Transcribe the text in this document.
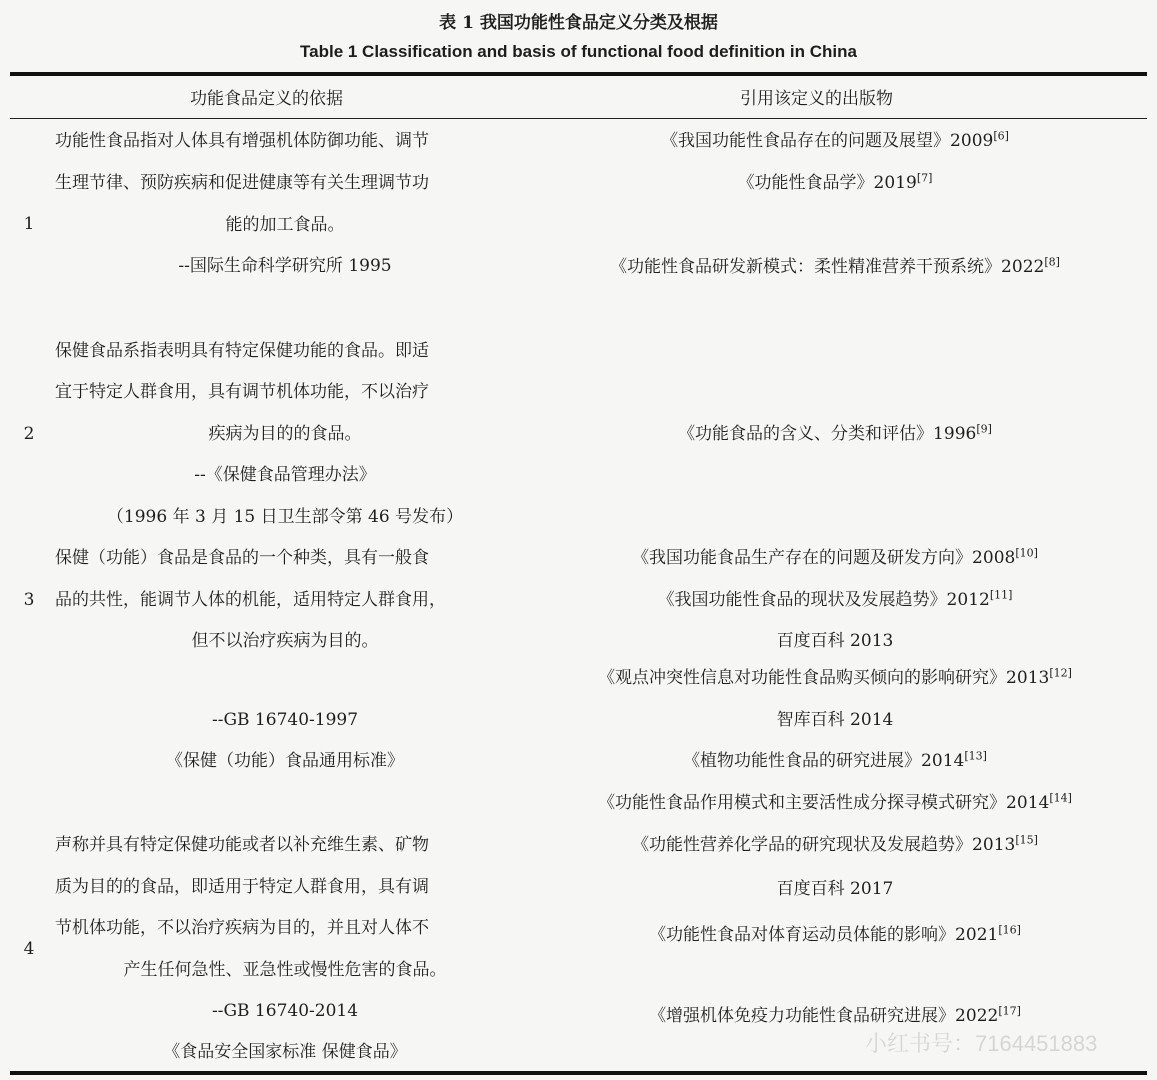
表 1 我国功能性食品定义分类及根据
Table 1 Classification and basis of functional food definition in China
功能食品定义的依据	引用该定义的出版物
1
功能性食品指对人体具有增强机体防御功能、调节
生理节律、预防疾病和促进健康等有关生理调节功
能的加工食品。
--国际生命科学研究所 1995
《我国功能性食品存在的问题及展望》2009[6]
《功能性食品学》2019[7]
《功能性食品研发新模式：柔性精准营养干预系统》2022[8]
2
保健食品系指表明具有特定保健功能的食品。即适
宜于特定人群食用，具有调节机体功能，不以治疗
疾病为目的的食品。
--《保健食品管理办法》
（1996 年 3 月 15 日卫生部令第 46 号发布）
《功能食品的含义、分类和评估》1996[9]
3
保健（功能）食品是食品的一个种类，具有一般食
品的共性，能调节人体的机能，适用特定人群食用，
但不以治疗疾病为目的。
--GB 16740-1997
《保健（功能）食品通用标准》
《我国功能食品生产存在的问题及研发方向》2008[10]
《我国功能性食品的现状及发展趋势》2012[11]
百度百科 2013
《观点冲突性信息对功能性食品购买倾向的影响研究》2013[12]
智库百科 2014
《植物功能性食品的研究进展》2014[13]
《功能性食品作用模式和主要活性成分探寻模式研究》2014[14]
4
声称并具有特定保健功能或者以补充维生素、矿物
质为目的的食品，即适用于特定人群食用，具有调
节机体功能，不以治疗疾病为目的，并且对人体不
产生任何急性、亚急性或慢性危害的食品。
--GB 16740-2014
《食品安全国家标准 保健食品》
《功能性营养化学品的研究现状及发展趋势》2013[15]
百度百科 2017
《功能性食品对体育运动员体能的影响》2021[16]
《增强机体免疫力功能性食品研究进展》2022[17]
小红书号：7164451883
